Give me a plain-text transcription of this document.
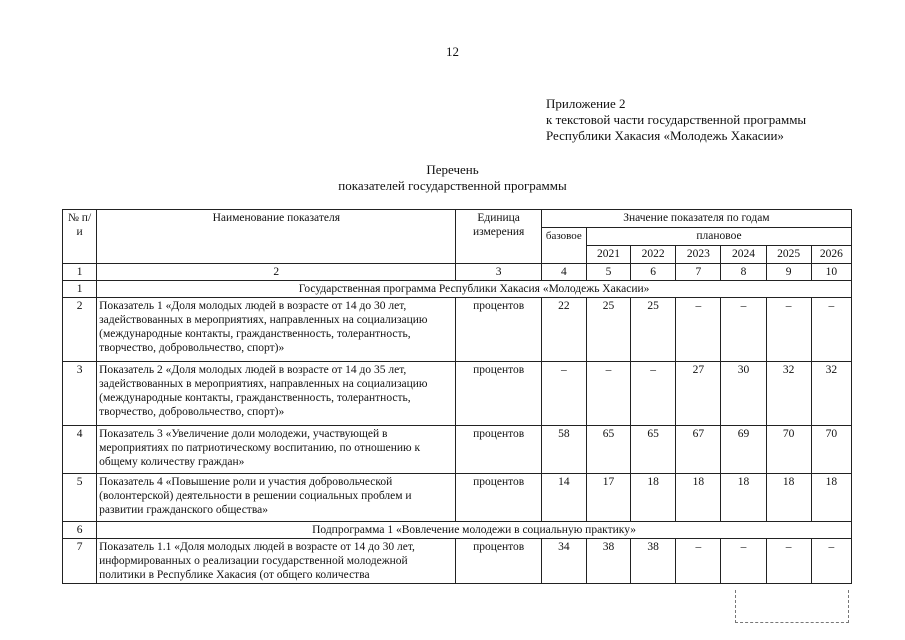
12
Приложение 2
к текстовой части государственной программы
Республики Хакасия «Молодежь Хакасии»
Перечень
показателей государственной программы
№ п/и	Наименование показателя	Единица измерения	Значение показателя по годам						
			базовое	плановое					
				2021	2022	2023	2024	2025	2026
1	2	3	4	5	6	7	8	9	10
1	Государственная программа Республики Хакасия «Молодежь Хакасии»								
2	Показатель 1 «Доля молодых людей в возрасте от 14 до 30 лет, задействованных в мероприятиях, направленных на социализацию (международные контакты, гражданственность, толерантность, творчество, добровольчество, спорт)»	процентов	22	25	25	–	–	–	–
3	Показатель 2 «Доля молодых людей в возрасте от 14 до 35 лет, задействованных в мероприятиях, направленных на социализацию (международные контакты, гражданственность, толерантность, творчество, добровольчество, спорт)»	процентов	–	–	–	27	30	32	32
4	Показатель 3 «Увеличение доли молодежи, участвующей в мероприятиях по патриотическому воспитанию, по отношению к общему количеству граждан»	процентов	58	65	65	67	69	70	70
5	Показатель 4 «Повышение роли и участия добровольческой (волонтерской) деятельности в решении социальных проблем и развитии гражданского общества»	процентов	14	17	18	18	18	18	18
6	Подпрограмма 1 «Вовлечение молодежи в социальную практику»								
7	Показатель 1.1 «Доля молодых людей в возрасте от 14 до 30 лет, информированных о реализации государственной молодежной политики в Республике Хакасия (от общего количества	процентов	34	38	38	–	–	–	–
